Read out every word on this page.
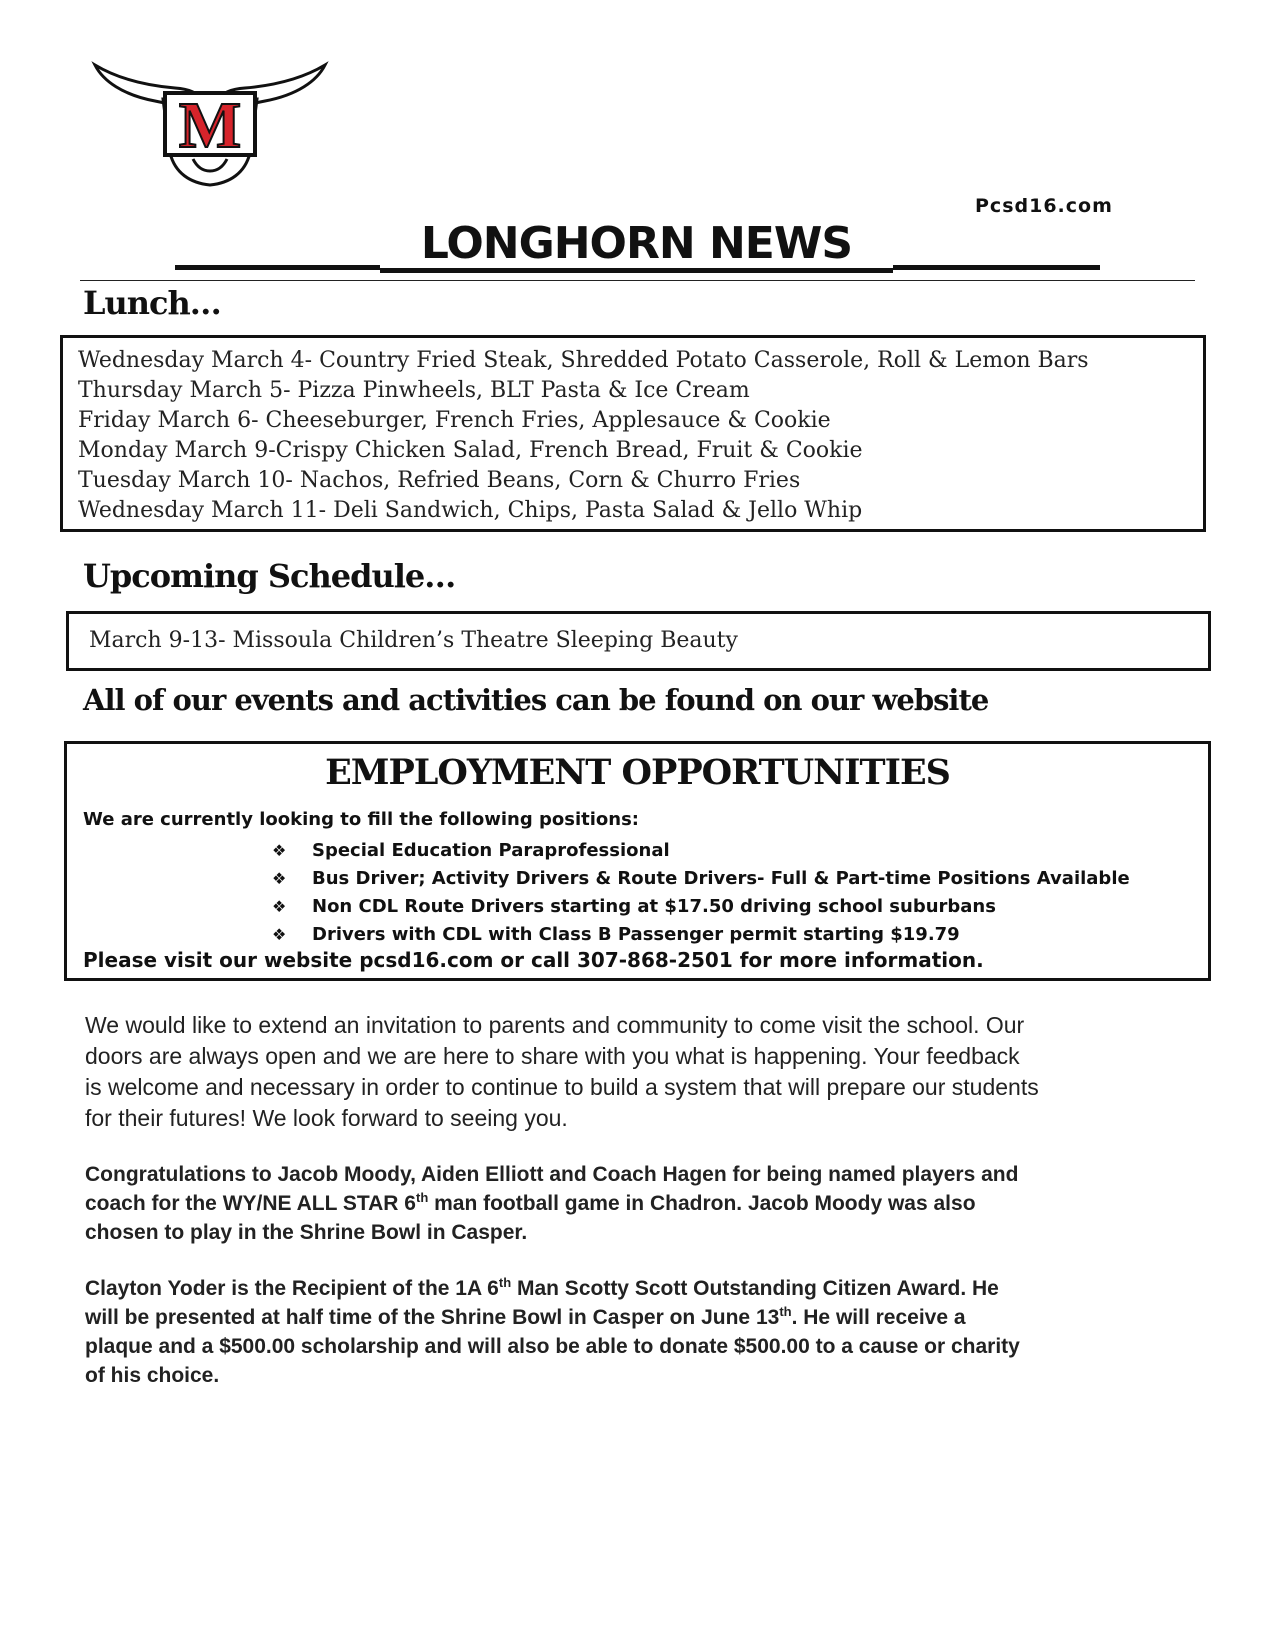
M
Pcsd16.com
LONGHORN NEWS
Lunch…
Wednesday March 4- Country Fried Steak, Shredded Potato Casserole, Roll & Lemon Bars
Thursday March 5- Pizza Pinwheels, BLT Pasta & Ice Cream
Friday March 6- Cheeseburger, French Fries, Applesauce & Cookie
Monday March 9-Crispy Chicken Salad, French Bread, Fruit & Cookie
Tuesday March 10- Nachos, Refried Beans, Corn & Churro Fries
Wednesday March 11- Deli Sandwich, Chips, Pasta Salad & Jello Whip
Upcoming Schedule…
March 9-13- Missoula Children’s Theatre Sleeping Beauty
All of our events and activities can be found on our website
EMPLOYMENT OPPORTUNITIES
We are currently looking to fill the following positions:
❖	Special Education Paraprofessional
❖	Bus Driver; Activity Drivers & Route Drivers- Full & Part-time Positions Available
❖	Non CDL Route Drivers starting at $17.50 driving school suburbans
❖	Drivers with CDL with Class B Passenger permit starting $19.79
Please visit our website pcsd16.com or call 307-868-2501 for more information.
We would like to extend an invitation to parents and community to come visit the school. Our
doors are always open and we are here to share with you what is happening. Your feedback
is welcome and necessary in order to continue to build a system that will prepare our students
for their futures! We look forward to seeing you.
Congratulations to Jacob Moody, Aiden Elliott and Coach Hagen for being named players and
coach for the WY/NE ALL STAR 6th man football game in Chadron. Jacob Moody was also
chosen to play in the Shrine Bowl in Casper.
Clayton Yoder is the Recipient of the 1A 6th Man Scotty Scott Outstanding Citizen Award. He
will be presented at half time of the Shrine Bowl in Casper on June 13th. He will receive a
plaque and a $500.00 scholarship and will also be able to donate $500.00 to a cause or charity
of his choice.
